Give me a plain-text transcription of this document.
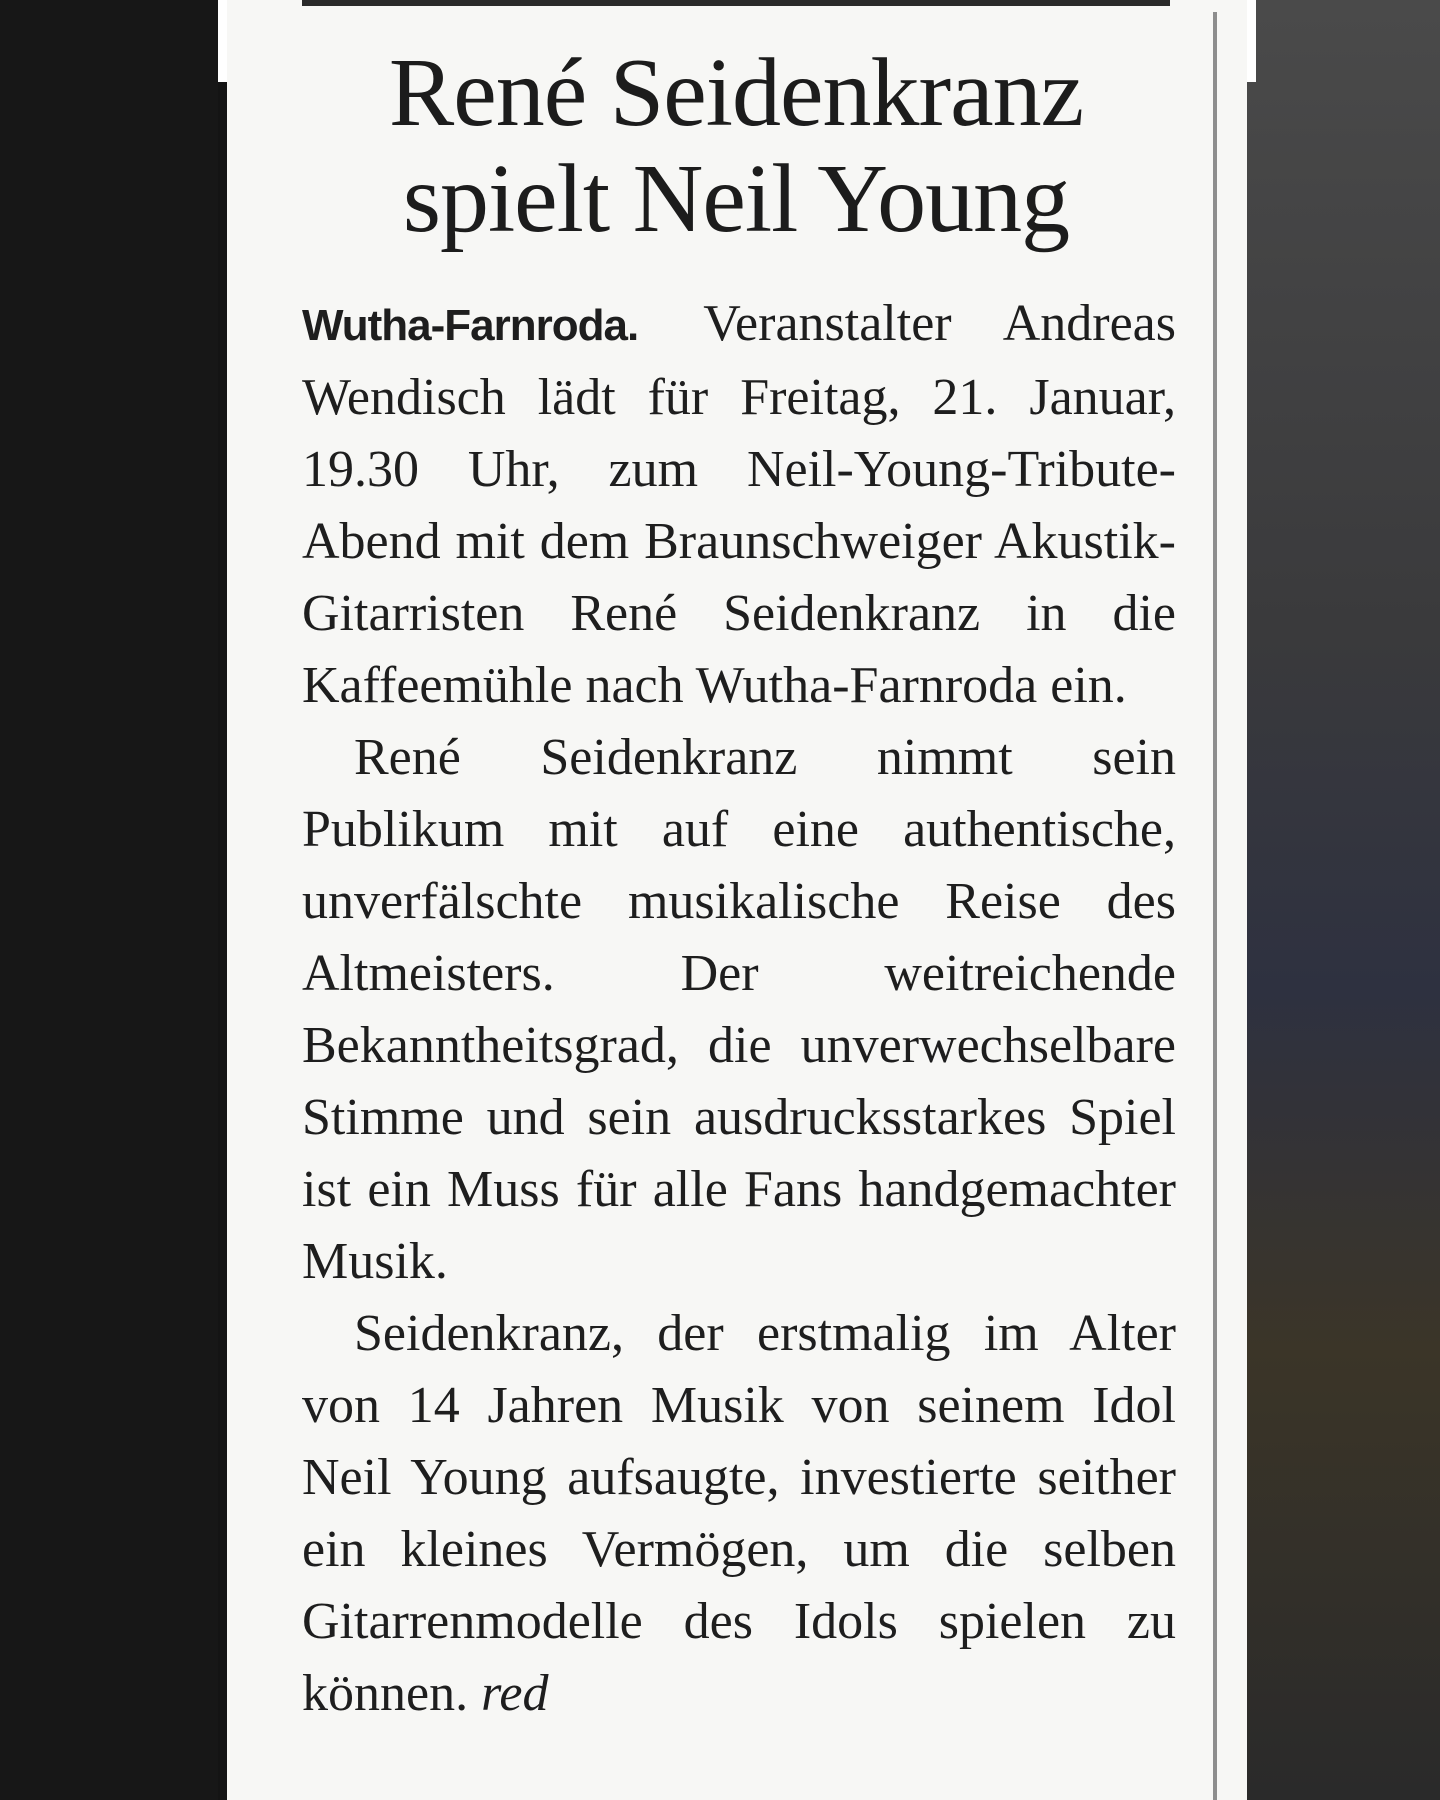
René Seidenkranz
spielt Neil Young

Wutha-Farnroda. Veranstalter Andreas Wendisch lädt für Freitag, 21. Januar, 19.30 Uhr, zum Neil-Young-Tribute-Abend mit dem Braunschweiger Akustik-Gitarristen René Seidenkranz in die Kaffeemühle nach Wutha-Farnroda ein.

René Seidenkranz nimmt sein Publikum mit auf eine authentische, unverfälschte musikalische Reise des Altmeisters. Der weitreichende Bekanntheitsgrad, die unverwechselbare Stimme und sein ausdrucksstarkes Spiel ist ein Muss für alle Fans handgemachter Musik.

Seidenkranz, der erstmalig im Alter von 14 Jahren Musik von seinem Idol Neil Young aufsaugte, investierte seither ein kleines Vermögen, um die selben Gitarrenmodelle des Idols spielen zu können. red
